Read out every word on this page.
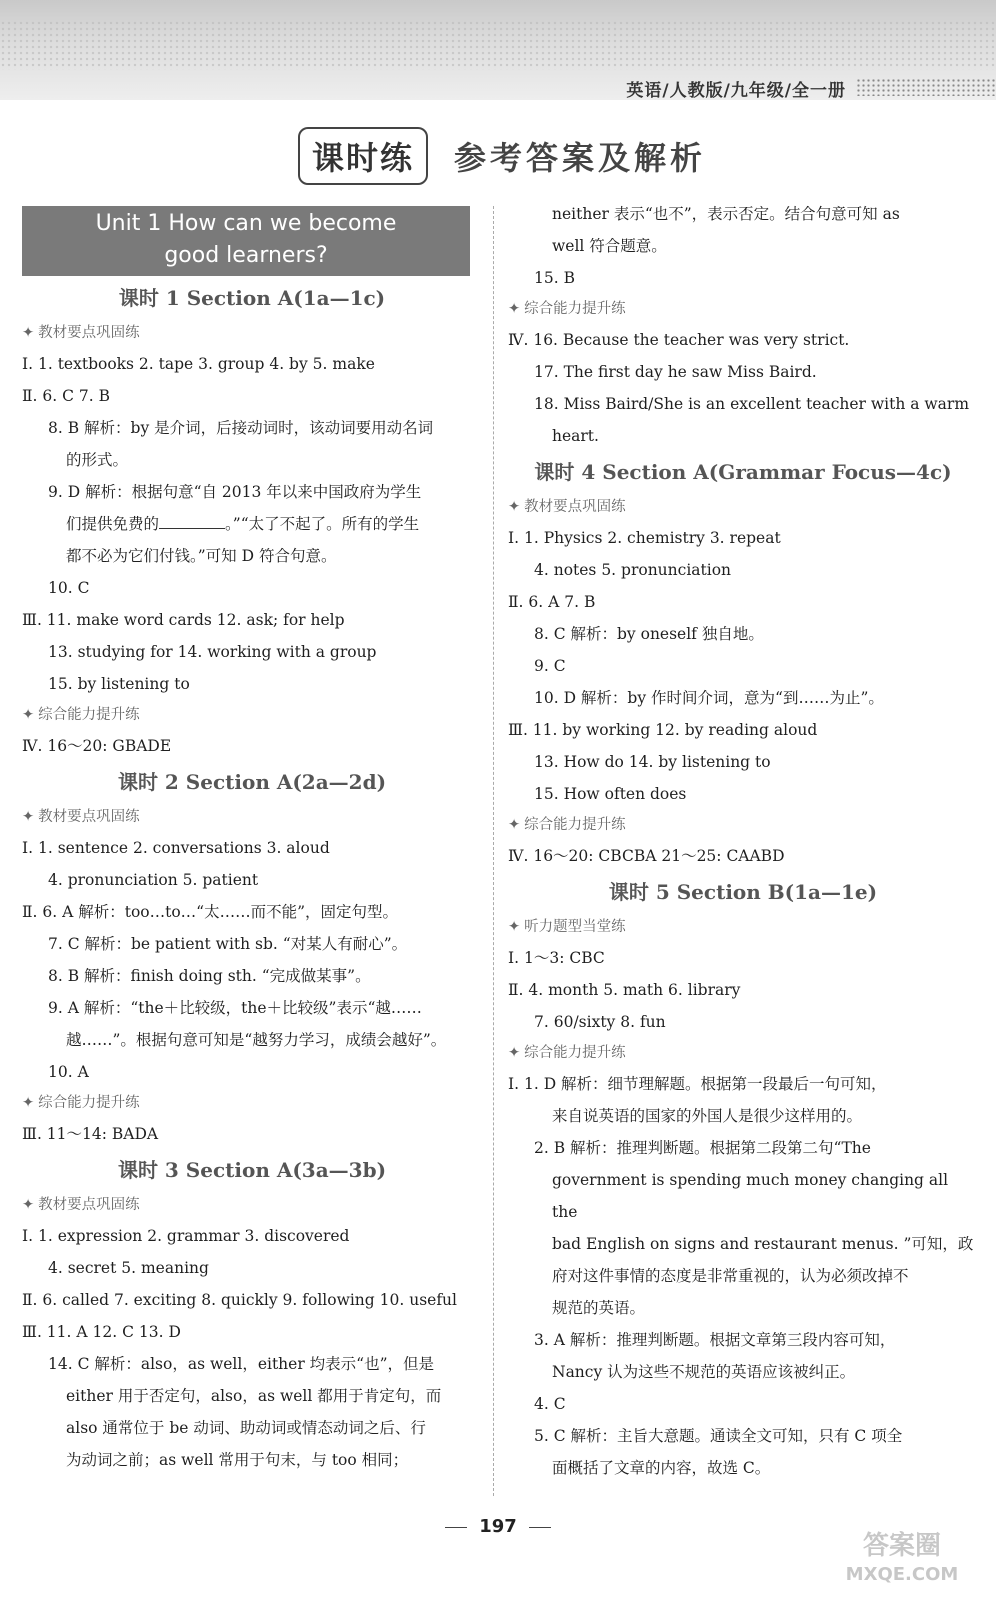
英语/人教版/九年级/全一册
课时练	参考答案及解析
Unit 1 How can we become
good learners?
课时 1 Section A(1a—1c)
✦ 教材要点巩固练
Ⅰ. 1. textbooks 2. tape 3. group 4. by 5. make
Ⅱ. 6. C 7. B
8. B 解析：by 是介词，后接动词时，该动词要用动名词
的形式。
9. D 解析：根据句意“自 2013 年以来中国政府为学生
们提供免费的	。”“太了不起了。所有的学生
都不必为它们付钱。”可知 D 符合句意。
10. C
Ⅲ. 11. make word cards 12. ask; for help
13. studying for 14. working with a group
15. by listening to
✦ 综合能力提升练
Ⅳ. 16～20: GBADE
课时 2 Section A(2a—2d)
✦ 教材要点巩固练
Ⅰ. 1. sentence 2. conversations 3. aloud
4. pronunciation 5. patient
Ⅱ. 6. A 解析：too…to…“太……而不能”，固定句型。
7. C 解析：be patient with sb. “对某人有耐心”。
8. B 解析：finish doing sth. “完成做某事”。
9. A 解析：“the＋比较级，the＋比较级”表示“越……
越……”。根据句意可知是“越努力学习，成绩会越好”。
10. A
✦ 综合能力提升练
Ⅲ. 11～14: BADA
课时 3 Section A(3a—3b)
✦ 教材要点巩固练
Ⅰ. 1. expression 2. grammar 3. discovered
4. secret 5. meaning
Ⅱ. 6. called 7. exciting 8. quickly 9. following 10. useful
Ⅲ. 11. A 12. C 13. D
14. C 解析：also，as well，either 均表示“也”，但是
either 用于否定句，also，as well 都用于肯定句，而
also 通常位于 be 动词、助动词或情态动词之后、行
为动词之前；as well 常用于句末，与 too 相同；
neither 表示“也不”，表示否定。结合句意可知 as
well 符合题意。
15. B
✦ 综合能力提升练
Ⅳ. 16. Because the teacher was very strict.
17. The first day he saw Miss Baird.
18. Miss Baird/She is an excellent teacher with a warm
heart.
课时 4 Section A(Grammar Focus—4c)
✦ 教材要点巩固练
Ⅰ. 1. Physics 2. chemistry 3. repeat
4. notes 5. pronunciation
Ⅱ. 6. A 7. B
8. C 解析：by oneself 独自地。
9. C
10. D 解析：by 作时间介词，意为“到……为止”。
Ⅲ. 11. by working 12. by reading aloud
13. How do 14. by listening to
15. How often does
✦ 综合能力提升练
Ⅳ. 16～20: CBCBA 21～25: CAABD
课时 5 Section B(1a—1e)
✦ 听力题型当堂练
Ⅰ. 1～3: CBC
Ⅱ. 4. month 5. math 6. library
7. 60/sixty 8. fun
✦ 综合能力提升练
Ⅰ. 1. D 解析：细节理解题。根据第一段最后一句可知，
来自说英语的国家的外国人是很少这样用的。
2. B 解析：推理判断题。根据第二段第二句“The
government is spending much money changing all the
bad English on signs and restaurant menus. ”可知，政
府对这件事情的态度是非常重视的，认为必须改掉不
规范的英语。
3. A 解析：推理判断题。根据文章第三段内容可知，
Nancy 认为这些不规范的英语应该被纠正。
4. C
5. C 解析：主旨大意题。通读全文可知，只有 C 项全
面概括了文章的内容，故选 C。
197
答案圈
MXQE.COM
